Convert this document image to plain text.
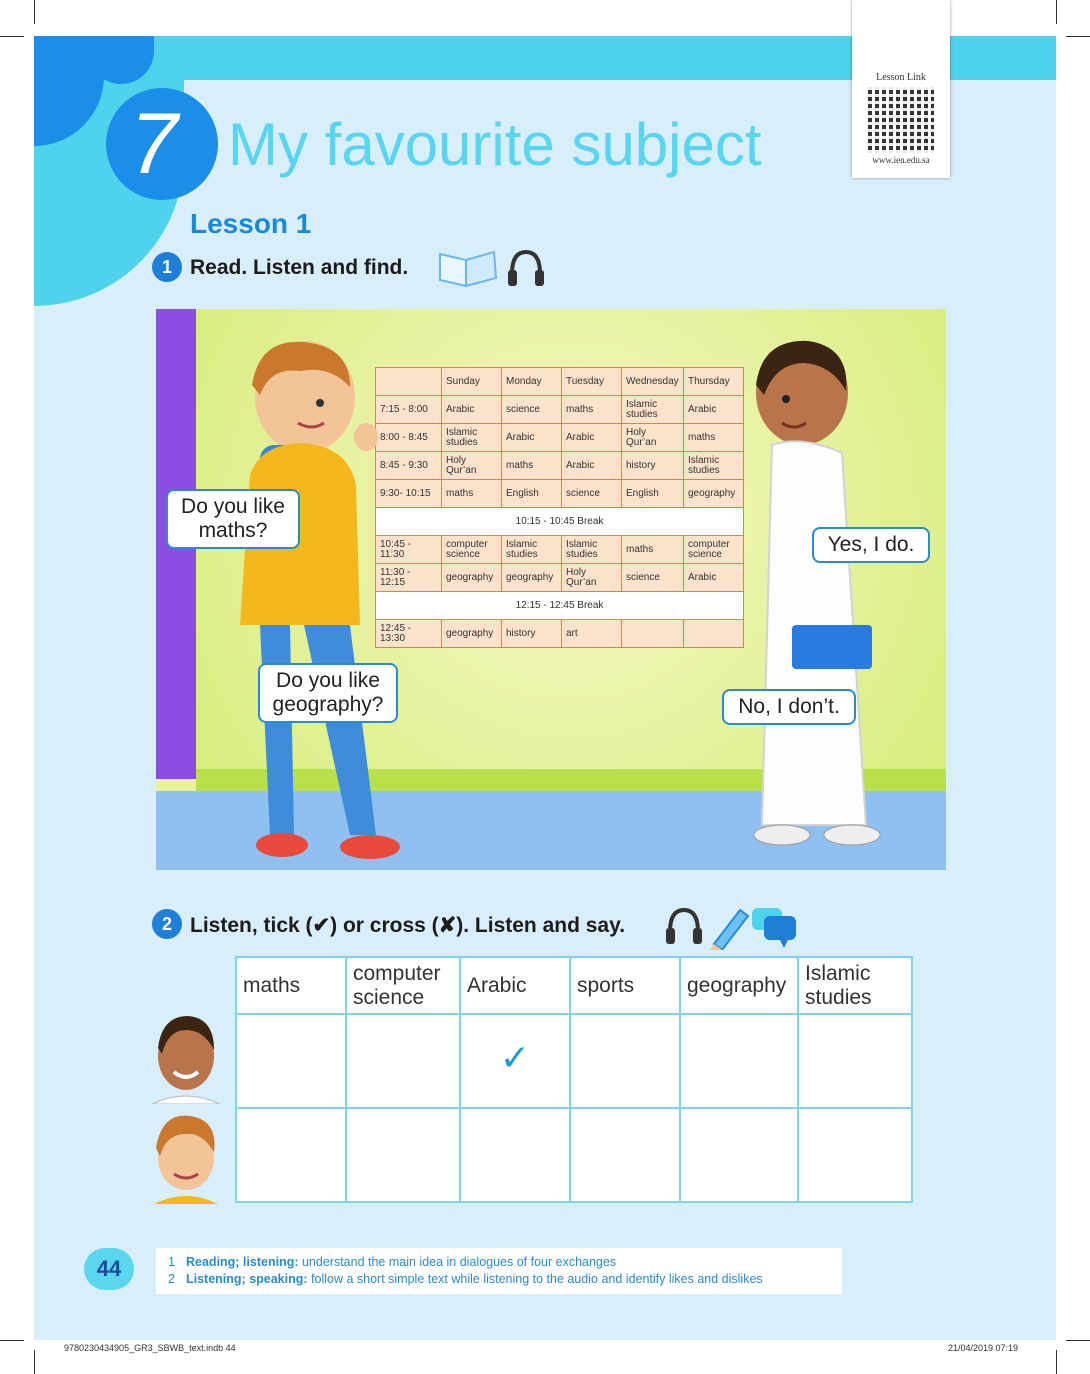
7 My favourite subject
Lesson Link
www.ien.edu.sa
Lesson 1
1 Read. Listen and find.
	Sunday	Monday	Tuesday	Wednesday	Thursday
7:15 - 8:00	Arabic	science	maths	Islamic studies	Arabic
8:00 - 8:45	Islamic studies	Arabic	Arabic	Holy Qur’an	maths
8:45 - 9:30	Holy Qur’an	maths	Arabic	history	Islamic studies
9:30- 10:15	maths	English	science	English	geography
10:15 - 10:45 Break					
10:45 - 11:30	computer science	Islamic studies	Islamic studies	maths	computer science
11:30 - 12:15	geography	geography	Holy Qur’an	science	Arabic
12:15 - 12:45 Break					
12:45 - 13:30	geography	history	art		
Do you like maths?
Yes, I do.
Do you like geography?	No, I don’t.
2 Listen, tick (✔) or cross (✘). Listen and say.
maths	computer science	Arabic	sports	geography	Islamic studies
		✓			

44	1 Reading; listening: understand the main idea in dialogues of four exchanges
2 Listening; speaking: follow a short simple text while listening to the audio and identify likes and dislikes
9780230434905_GR3_SBWB_text.indb 44	21/04/2019 07:19
